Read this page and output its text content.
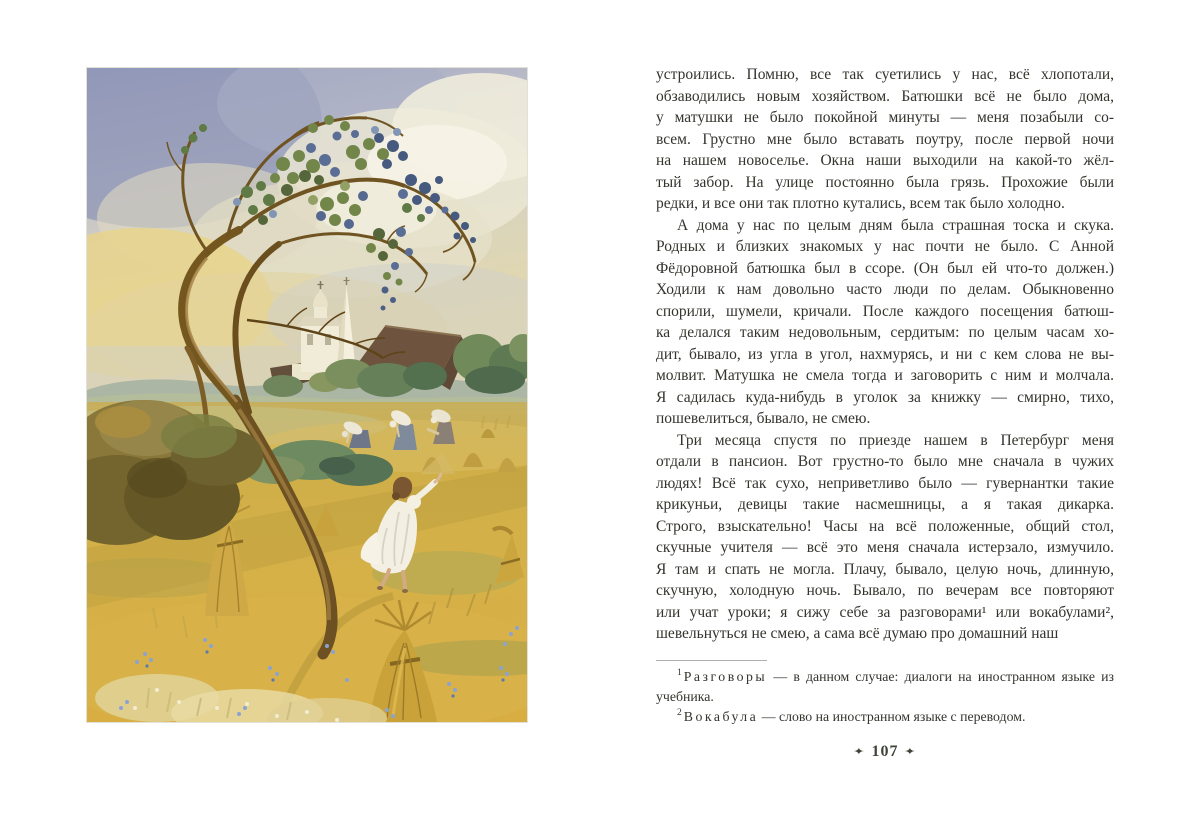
устроились. Помню, все так суетились у нас, всё хлопотали,
обзаводились новым хозяйством. Батюшки всё не было дома,
у матушки не было покойной минуты — меня позабыли со-
всем. Грустно мне было вставать поутру, после первой ночи
на нашем новоселье. Окна наши выходили на какой-то жёл-
тый забор. На улице постоянно была грязь. Прохожие были
редки, и все они так плотно кутались, всем так было холодно.
А дома у нас по целым дням была страшная тоска и скука.
Родных и близких знакомых у нас почти не было. С Анной
Фёдоровной батюшка был в ссоре. (Он был ей что-то должен.)
Ходили к нам довольно часто люди по делам. Обыкновенно
спорили, шумели, кричали. После каждого посещения батюш-
ка делался таким недовольным, сердитым: по целым часам хо-
дит, бывало, из угла в угол, нахмурясь, и ни с кем слова не вы-
молвит. Матушка не смела тогда и заговорить с ним и молчала.
Я садилась куда-нибудь в уголок за книжку — смирно, тихо,
пошевелиться, бывало, не смею.
Три месяца спустя по приезде нашем в Петербург меня
отдали в пансион. Вот грустно-то было мне сначала в чужих
людях! Всё так сухо, неприветливо было — гувернантки такие
крикуньи, девицы такие насмешницы, а я такая дикарка.
Строго, взыскательно! Часы на всё положенные, общий стол,
скучные учителя — всё это меня сначала истерзало, измучило.
Я там и спать не могла. Плачу, бывало, целую ночь, длинную,
скучную, холодную ночь. Бывало, по вечерам все повторяют
или учат уроки; я сижу себе за разговорами¹ или вокабулами²,
шевельнуться не смею, а сама всё думаю про домашний наш
$^1$ Разговоры — в данном случае: диалоги на иностранном языке из учебника.
$^2$ Вокабула — слово на иностранном языке с переводом.
✦ 107 ✦
